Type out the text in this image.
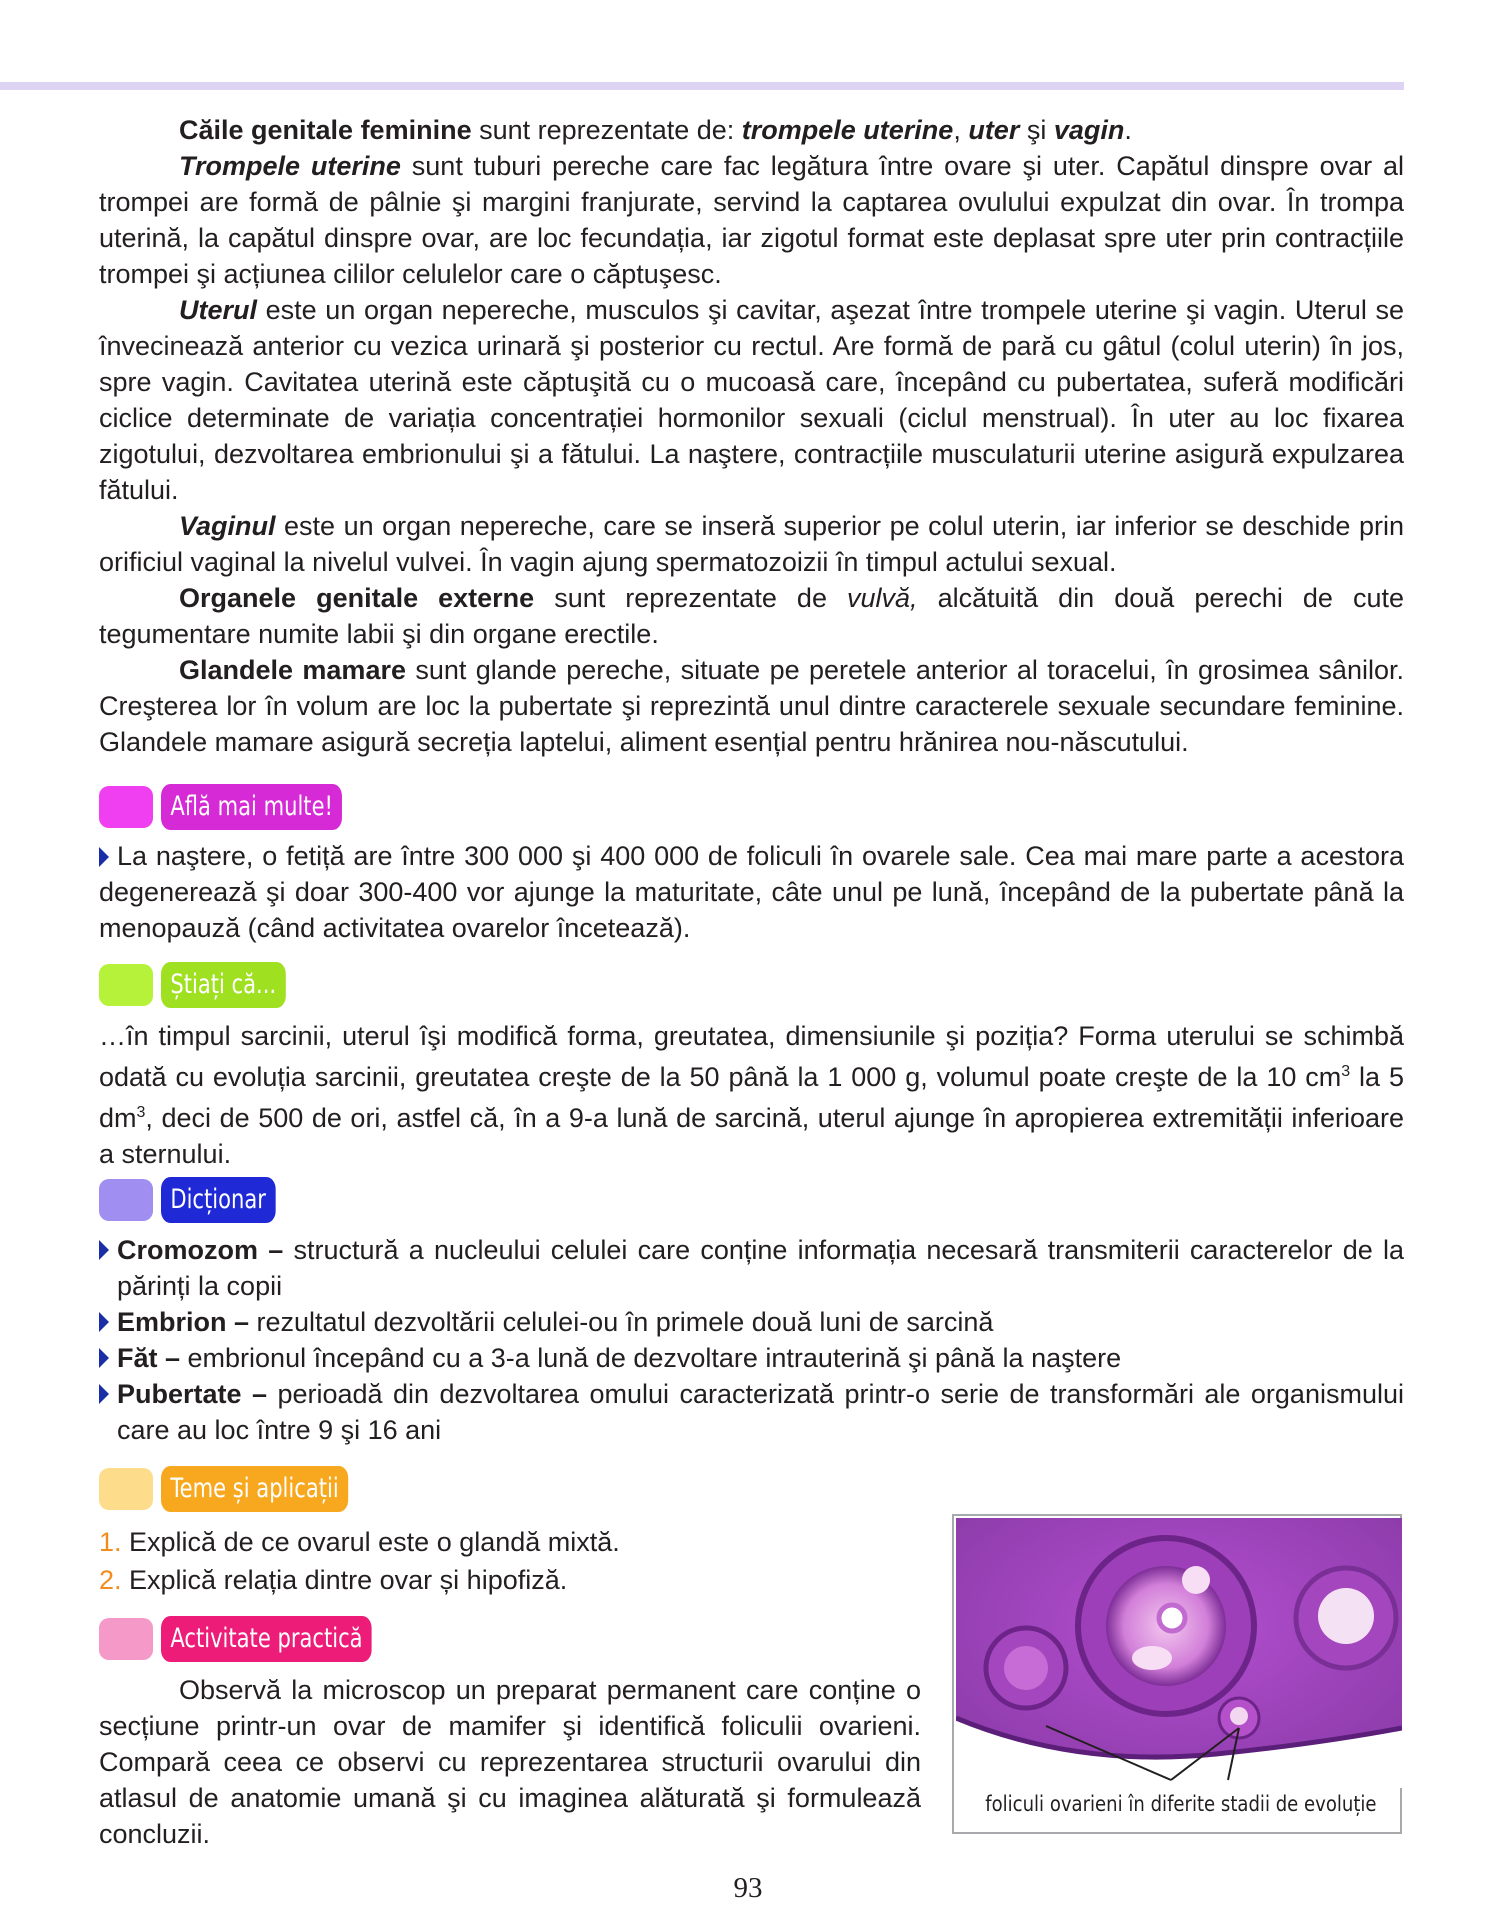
Căile genitale feminine sunt reprezentate de: trompele uterine, uter şi vagin.

Trompele uterine sunt tuburi pereche care fac legătura între ovare şi uter. Capătul dinspre ovar al trompei are formă de pâlnie şi margini franjurate, servind la captarea ovulului expulzat din ovar. În trompa uterină, la capătul dinspre ovar, are loc fecundația, iar zigotul format este deplasat spre uter prin contracțiile trompei şi acțiunea cililor celulelor care o căptuşesc.

Uterul este un organ nepereche, musculos şi cavitar, aşezat între trompele uterine şi vagin. Uterul se învecinează anterior cu vezica urinară şi posterior cu rectul. Are formă de pară cu gâtul (colul uterin) în jos, spre vagin. Cavitatea uterină este căptuşită cu o mucoasă care, începând cu pubertatea, suferă modificări ciclice determinate de variația concentrației hormonilor sexuali (ciclul menstrual). În uter au loc fixarea zigotului, dezvoltarea embrionului şi a fătului. La naştere, contracțiile musculaturii uterine asigură expulzarea fătului.

Vaginul este un organ nepereche, care se inseră superior pe colul uterin, iar inferior se deschide prin orificiul vaginal la nivelul vulvei. În vagin ajung spermatozoizii în timpul actului sexual.

Organele genitale externe sunt reprezentate de vulvă, alcătuită din două perechi de cute tegumentare numite labii şi din organe erectile.

Glandele mamare sunt glande pereche, situate pe peretele anterior al toracelui, în grosimea sânilor. Creşterea lor în volum are loc la pubertate şi reprezintă unul dintre caracterele sexuale secundare feminine. Glandele mamare asigură secreția laptelui, aliment esențial pentru hrănirea nou-născutului.

Află mai multe!

La naştere, o fetiță are între 300 000 şi 400 000 de foliculi în ovarele sale. Cea mai mare parte a acestora degenerează şi doar 300-400 vor ajunge la maturitate, câte unul pe lună, începând de la pubertate până la menopauză (când activitatea ovarelor încetează).

Știați că...

…în timpul sarcinii, uterul îşi modifică forma, greutatea, dimensiunile şi poziția? Forma uterului se schimbă odată cu evoluția sarcinii, greutatea creşte de la 50 până la 1 000 g, volumul poate creşte de la 10 $cm^3$ la 5 $dm^3$, deci de 500 de ori, astfel că, în a 9-a lună de sarcină, uterul ajunge în apropierea extremității inferioare a sternului.

Dicționar
Cromozom – structură a nucleului celulei care conține informația necesară transmiterii caracterelor de la părinți la copii
Embrion – rezultatul dezvoltării celulei-ou în primele două luni de sarcină
Făt – embrionul începând cu a 3-a lună de dezvoltare intrauterină şi până la naştere
Pubertate – perioadă din dezvoltarea omului caracterizată printr-o serie de transformări ale organismului care au loc între 9 şi 16 ani
Teme și aplicații
1. Explică de ce ovarul este o glandă mixtă.
2. Explică relația dintre ovar și hipofiză.
Activitate practică

Observă la microscop un preparat permanent care conține o secțiune printr-un ovar de mamifer şi identifică foliculii ovarieni. Compară ceea ce observi cu reprezentarea structurii ovarului din atlasul de anatomie umană şi cu imaginea alăturată şi formulează concluzii.

foliculi ovarieni în diferite stadii de evoluție
93
